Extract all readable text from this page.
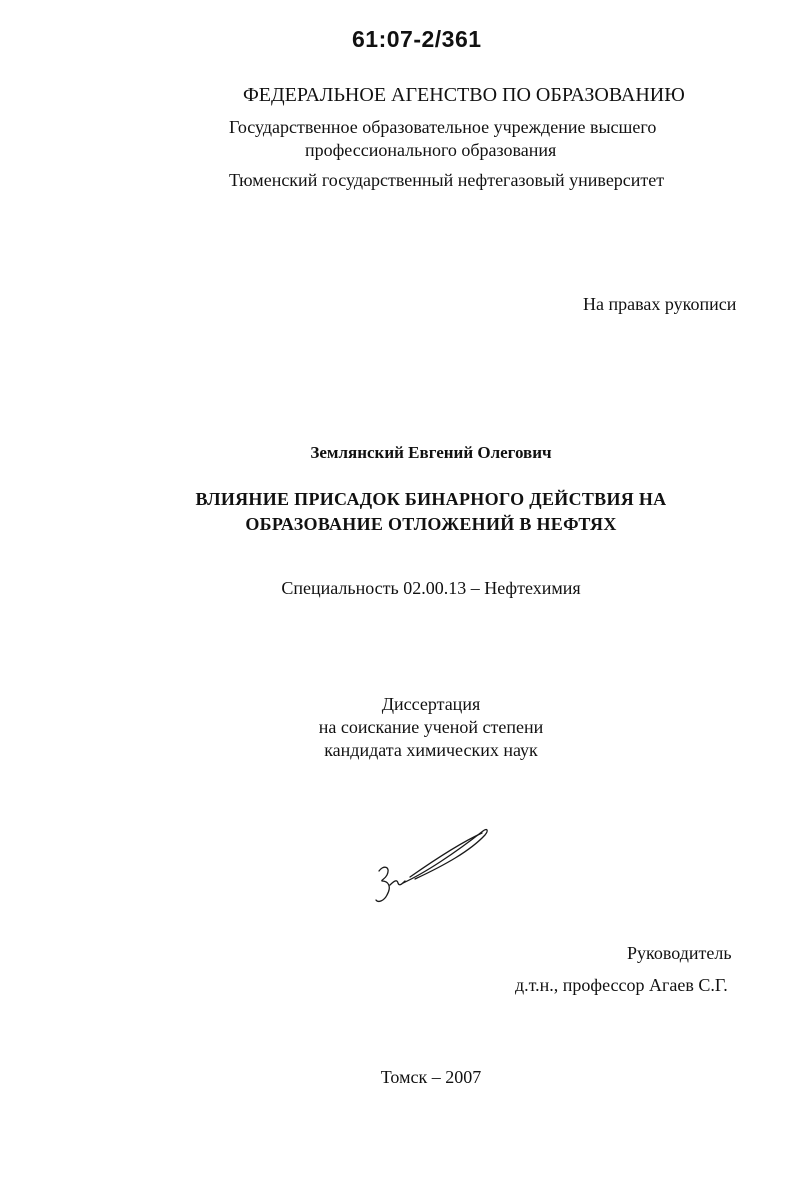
61:07-2/361
ФЕДЕРАЛЬНОЕ АГЕНСТВО ПО ОБРАЗОВАНИЮ
Государственное образовательное учреждение высшего
профессионального образования
Тюменский государственный нефтегазовый университет
На правах рукописи
Землянский Евгений Олегович
ВЛИЯНИЕ ПРИСАДОК БИНАРНОГО ДЕЙСТВИЯ НА
ОБРАЗОВАНИЕ ОТЛОЖЕНИЙ В НЕФТЯХ
Специальность 02.00.13 – Нефтехимия
Диссертация
на соискание ученой степени
кандидата химических наук
Руководитель
д.т.н., профессор Агаев С.Г.
Томск – 2007
